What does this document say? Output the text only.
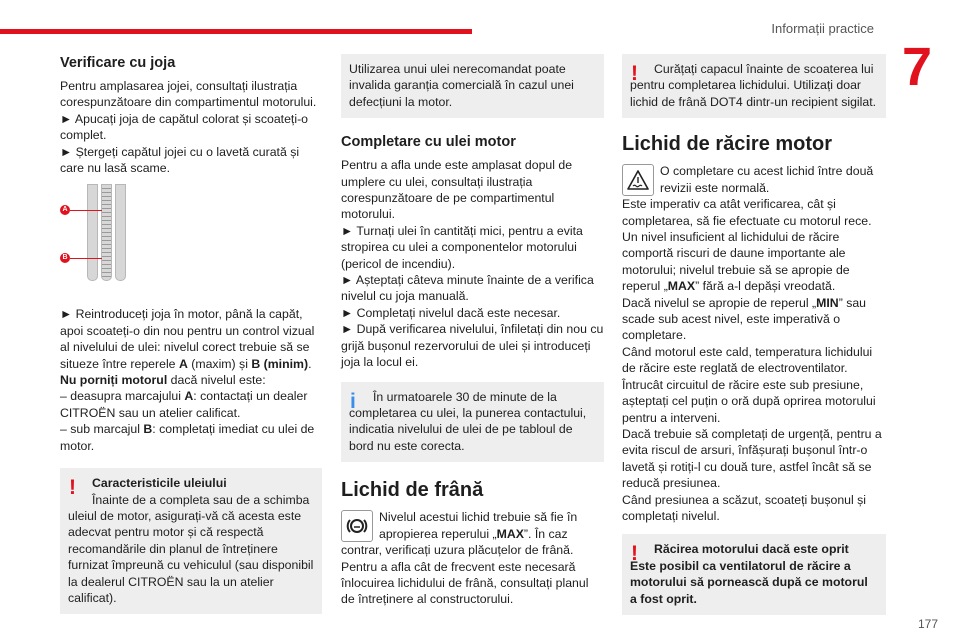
Informații practice
7
177
Verificare cu joja

Pentru amplasarea jojei, consultați ilustrația corespunzătoare din compartimentul motorului.

► Apucați joja de capătul colorat și scoateți-o complet.

► Ștergeți capătul jojei cu o lavetă curată și care nu lasă scame.

A
B

► Reintroduceți joja în motor, până la capăt, apoi scoateți-o din nou pentru un control vizual al nivelului de ulei: nivelul corect trebuie să se situeze între reperele A (maxim) și B (minim).

Nu porniți motorul dacă nivelul este:

– deasupra marcajului A: contactați un dealer CITROËN sau un atelier calificat.

– sub marcajul B: completați imediat cu ulei de motor.

! Caracteristicile uleiului
Înainte de a completa sau de a schimba

uleiul de motor, asigurați-vă că acesta este adecvat pentru motor și că respectă recomandările din planul de întreținere furnizat împreună cu vehiculul (sau disponibil la dealerul CITROËN sau la un atelier calificat).

Utilizarea unui ulei nerecomandat poate invalida garanția comercială în cazul unei defecțiuni la motor.

Completare cu ulei motor

Pentru a afla unde este amplasat dopul de umplere cu ulei, consultați ilustrația corespunzătoare de pe compartimentul motorului.

► Turnați ulei în cantități mici, pentru a evita stropirea cu ulei a componentelor motorului (pericol de incendiu).

► Așteptați câteva minute înainte de a verifica nivelul cu joja manuală.

► Completați nivelul dacă este necesar.

► După verificarea nivelului, înfiletați din nou cu grijă bușonul rezervorului de ulei și introduceți joja la locul ei.

i În urmatoarele 30 de minute de la

completarea cu ulei, la punerea contactului, indicatia nivelului de ulei de pe tabloul de bord nu este corecta.

Lichid de frână

Nivelul acestui lichid trebuie să fie în apropierea reperului „MAX”. În caz

contrar, verificați uzura plăcuțelor de frână.

Pentru a afla cât de frecvent este necesară înlocuirea lichidului de frână, consultați planul de întreținere al constructorului.

! Curățați capacul înainte de scoaterea lui

pentru completarea lichidului. Utilizați doar lichid de frână DOT4 dintr-un recipient sigilat.

Lichid de răcire motor

O completare cu acest lichid între două revizii este normală.

Este imperativ ca atât verificarea, cât și completarea, să fie efectuate cu motorul rece.

Un nivel insuficient al lichidului de răcire comportă riscuri de daune importante ale motorului; nivelul trebuie să se apropie de reperul „MAX” fără a-l depăși vreodată.

Dacă nivelul se apropie de reperul „MIN” sau scade sub acest nivel, este imperativă o completare.

Când motorul este cald, temperatura lichidului de răcire este reglată de electroventilator.

Întrucât circuitul de răcire este sub presiune, așteptați cel puțin o oră după oprirea motorului pentru a interveni.

Dacă trebuie să completați de urgență, pentru a evita riscul de arsuri, înfășurați bușonul într-o lavetă și rotiți-l cu două ture, astfel încât să se reducă presiunea.

Când presiunea a scăzut, scoateți bușonul și completați nivelul.

! Răcirea motorului dacă este oprit

Este posibil ca ventilatorul de răcire a motorului să pornească după ce motorul a fost oprit.
